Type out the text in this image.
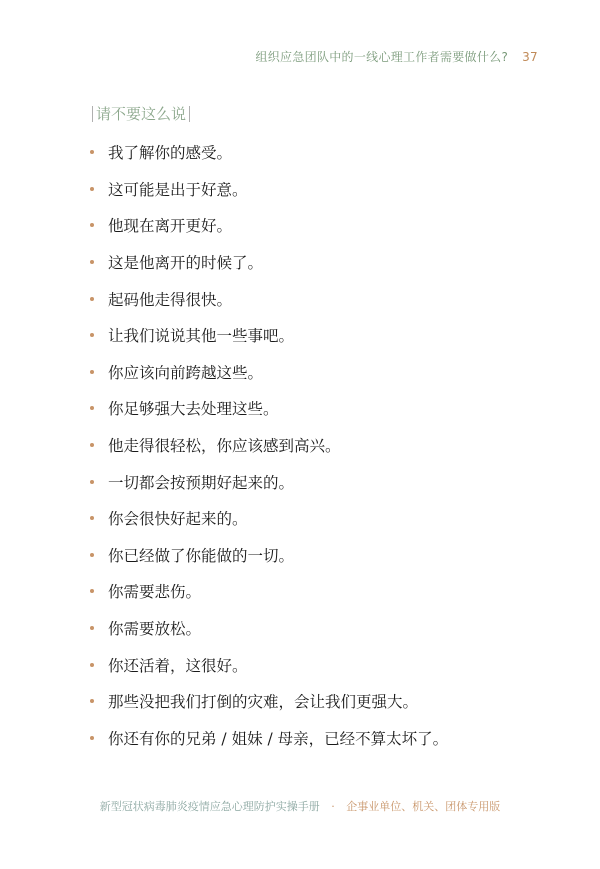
组织应急团队中的一线心理工作者需要做什么? 37
请不要这么说
我了解你的感受。
这可能是出于好意。
他现在离开更好。
这是他离开的时候了。
起码他走得很快。
让我们说说其他一些事吧。
你应该向前跨越这些。
你足够强大去处理这些。
他走得很轻松，你应该感到高兴。
一切都会按预期好起来的。
你会很快好起来的。
你已经做了你能做的一切。
你需要悲伤。
你需要放松。
你还活着，这很好。
那些没把我们打倒的灾难，会让我们更强大。
你还有你的兄弟 / 姐妹 / 母亲，已经不算太坏了。
新型冠状病毒肺炎疫情应急心理防护实操手册 · 企事业单位、机关、团体专用版
